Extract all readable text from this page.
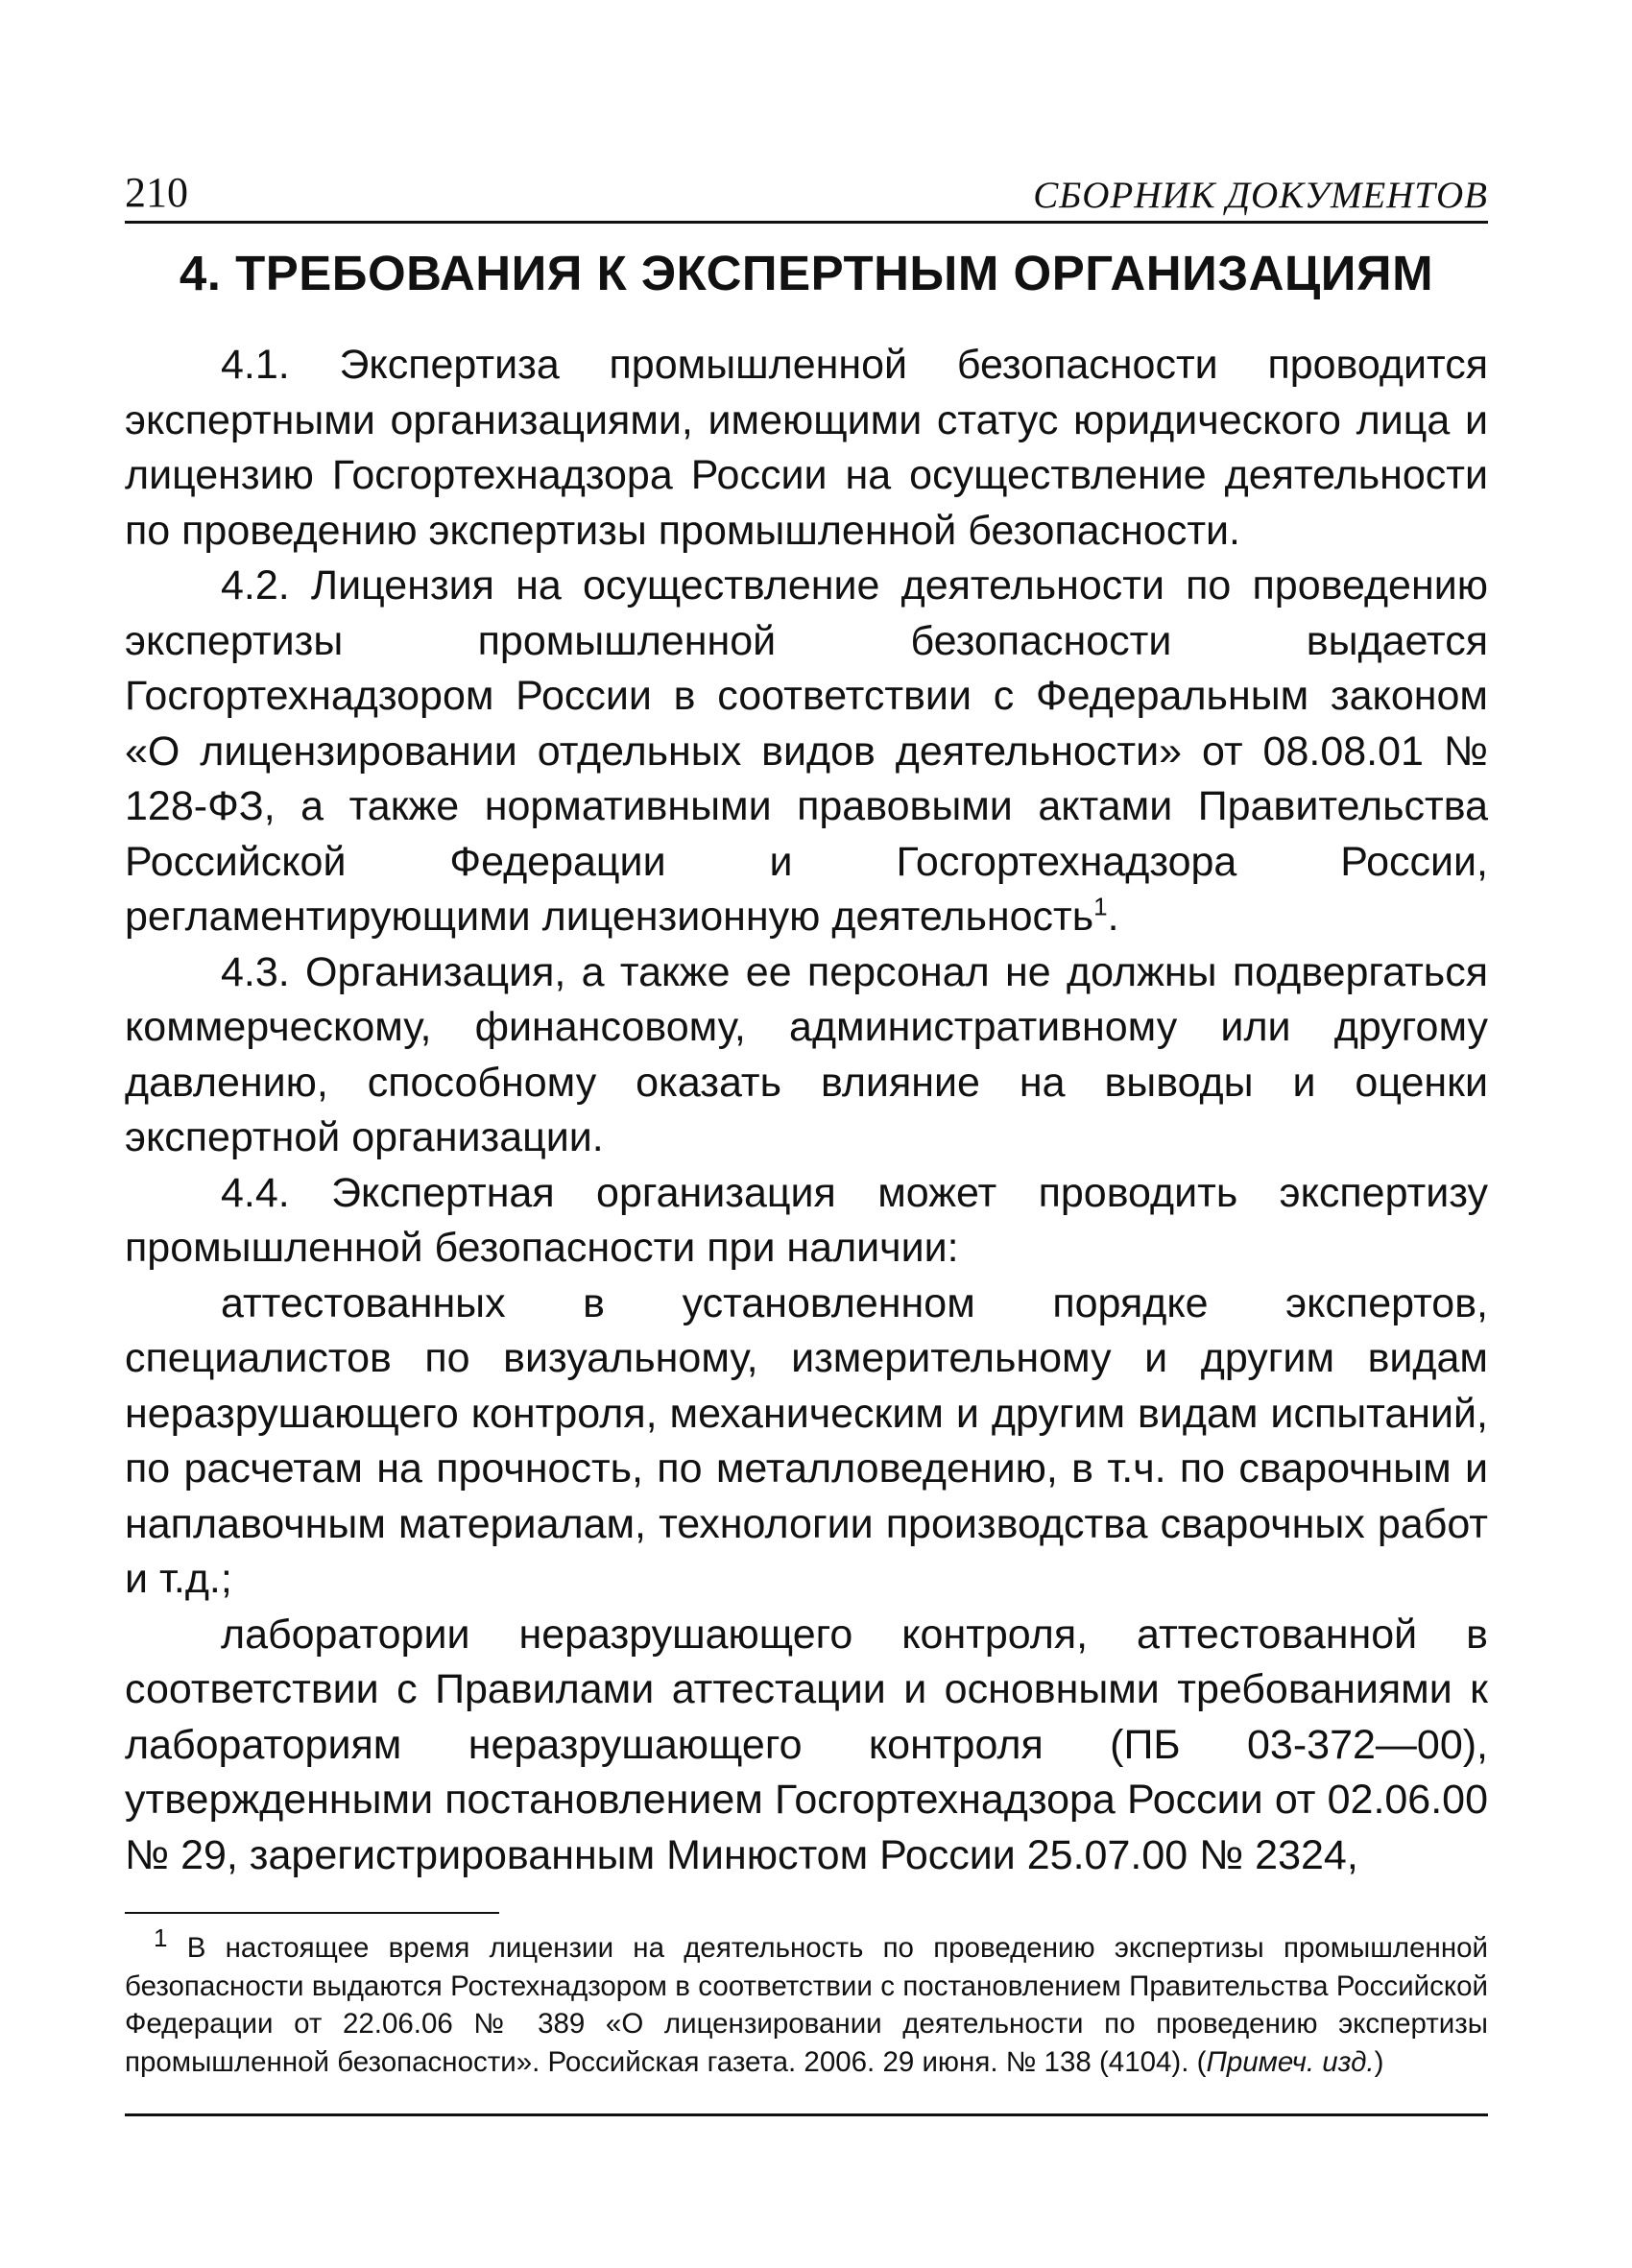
210	СБОРНИК ДОКУМЕНТОВ
4. ТРЕБОВАНИЯ К ЭКСПЕРТНЫМ ОРГАНИЗАЦИЯМ

4.1. Экспертиза промышленной безопасности проводится экспертными организациями, имеющими статус юридического лица и лицензию Госгортехнадзора России на осуществление деятельности по проведению экспертизы промышленной безопасности.

4.2. Лицензия на осуществление деятельности по проведению экспертизы промышленной безопасности выдается Госгортехнадзором России в соответствии с Федеральным законом «О лицензировании отдельных видов деятельности» от 08.08.01 № 128-ФЗ, а также нормативными правовыми актами Правительства Российской Федерации и Госгортехнадзора России, регламентирующими лицензионную деятельность$^1$.

4.3. Организация, а также ее персонал не должны подвергаться коммерческому, финансовому, административному или другому давлению, способному оказать влияние на выводы и оценки экспертной организации.

4.4. Экспертная организация может проводить экспертизу промышленной безопасности при наличии:

аттестованных в установленном порядке экспертов, специалистов по визуальному, измерительному и другим видам неразрушающего контроля, механическим и другим видам испытаний, по расчетам на прочность, по металловедению, в т.ч. по сварочным и наплавочным материалам, технологии производства сварочных работ и т.д.;

лаборатории неразрушающего контроля, аттестованной в соответствии с Правилами аттестации и основными требованиями к лабораториям неразрушающего контроля (ПБ 03-372—00), утвержденными постановлением Госгортехнадзора России от 02.06.00 № 29, зарегистрированным Минюстом России 25.07.00 № 2324,

$^1$ В настоящее время лицензии на деятельность по проведению экспертизы промышленной безопасности выдаются Ростехнадзором в соответствии с постановлением Правительства Российской Федерации от 22.06.06 № 389 «О лицензировании деятельности по проведению экспертизы промышленной безопасности». Российская газета. 2006. 29 июня. № 138 (4104). (Примеч. изд.)
